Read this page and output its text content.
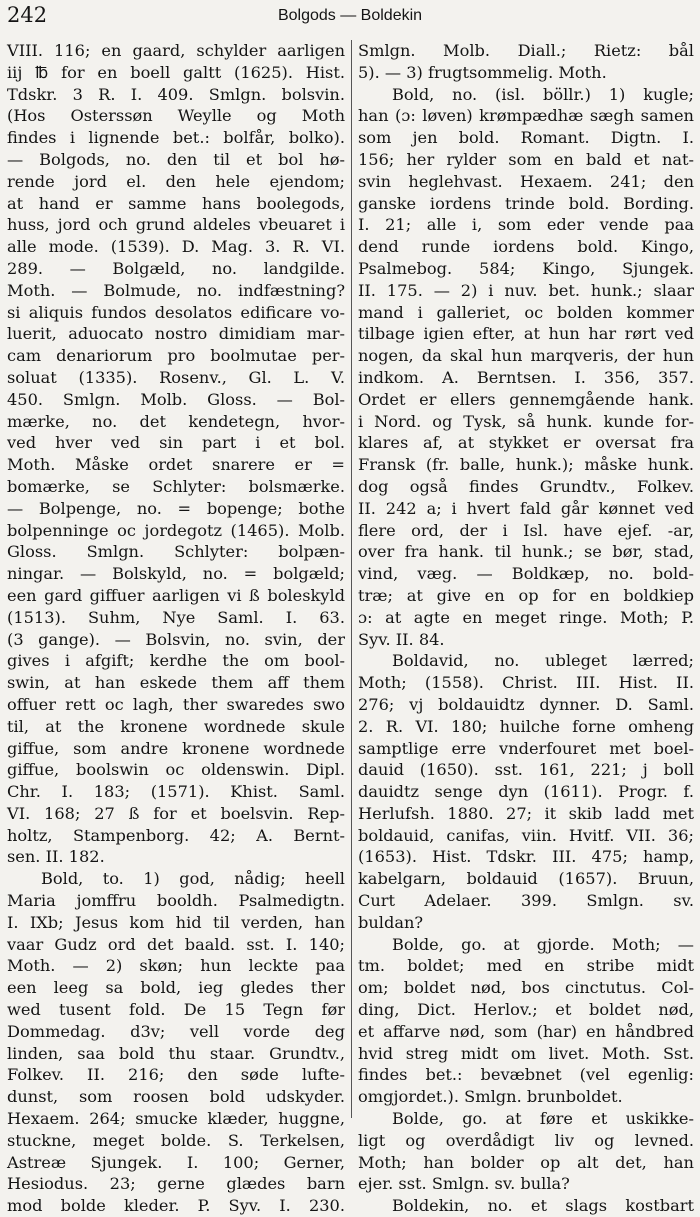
242	Bolgods — Boldekin
VIII. 116; en gaard, schylder aarligen
iij ℔ for en boell galtt (1625). Hist.
Tdskr. 3 R. I. 409. Smlgn. bolsvin.
(Hos Osterssøn Weylle og Moth
findes i lignende bet.: bolfår, bolko).
— Bolgods, no. den til et bol hø-
rende jord el. den hele ejendom;
at hand er samme hans boolegods,
huss, jord och grund aldeles vbeuaret i
alle mode. (1539). D. Mag. 3. R. VI.
289. — Bolgæld, no. landgilde.
Moth. — Bolmude, no. indfæstning?
si aliquis fundos desolatos edificare vo-
luerit, aduocato nostro dimidiam mar-
cam denariorum pro boolmutae per-
soluat (1335). Rosenv., Gl. L. V.
450. Smlgn. Molb. Gloss. — Bol-
mærke, no. det kendetegn, hvor-
ved hver ved sin part i et bol.
Moth. Måske ordet snarere er =
bomærke, se Schlyter: bolsmærke.
— Bolpenge, no. = bopenge; bothe
bolpenninge oc jordegotz (1465). Molb.
Gloss. Smlgn. Schlyter: bolpæn-
ningar. — Bolskyld, no. = bolgæld;
een gard giffuer aarligen vi ß boleskyld
(1513). Suhm, Nye Saml. I. 63.
(3 gange). — Bolsvin, no. svin, der
gives i afgift; kerdhe the om bool-
swin, at han eskede them aff them
offuer rett oc lagh, ther swaredes swo
til, at the kronene wordnede skule
giffue, som andre kronene wordnede
giffue, boolswin oc oldenswin. Dipl.
Chr. I. 183; (1571). Khist. Saml.
VI. 168; 27 ß for et boelsvin. Rep-
holtz, Stampenborg. 42; A. Bernt-
sen. II. 182.
Bold, to. 1) god, nådig; heell
Maria jomffru booldh. Psalmedigtn.
I. IXb; Jesus kom hid til verden, han
vaar Gudz ord det baald. sst. I. 140;
Moth. — 2) skøn; hun leckte paa
een leeg sa bold, ieg gledes ther
wed tusent fold. De 15 Tegn før
Dommedag. d3v; vell vorde deg
linden, saa bold thu staar. Grundtv.,
Folkev. II. 216; den søde lufte-
dunst, som roosen bold udskyder.
Hexaem. 264; smucke klæder, huggne,
stuckne, meget bolde. S. Terkelsen,
Astreæ Sjungek. I. 100; Gerner,
Hesiodus. 23; gerne glædes barn
mod bolde kleder. P. Syv. I. 230.
Smlgn. Molb. Diall.; Rietz: bål
5). — 3) frugtsommelig. Moth.
Bold, no. (isl. böllr.) 1) kugle;
han (ɔ: løven) krømpædhæ sægh samen
som jen bold. Romant. Digtn. I.
156; her rylder som en bald et nat-
svin heglehvast. Hexaem. 241; den
ganske iordens trinde bold. Bording.
I. 21; alle i, som eder vende paa
dend runde iordens bold. Kingo,
Psalmebog. 584; Kingo, Sjungek.
II. 175. — 2) i nuv. bet. hunk.; slaar
mand i galleriet, oc bolden kommer
tilbage igien efter, at hun har rørt ved
nogen, da skal hun marqveris, der hun
indkom. A. Berntsen. I. 356, 357.
Ordet er ellers gennemgående hank.
i Nord. og Tysk, så hunk. kunde for-
klares af, at stykket er oversat fra
Fransk (fr. balle, hunk.); måske hunk.
dog også findes Grundtv., Folkev.
II. 242 a; i hvert fald går kønnet ved
flere ord, der i Isl. have ejef. -ar,
over fra hank. til hunk.; se bør, stad,
vind, væg. — Boldkæp, no. bold-
træ; at give en op for en boldkiep
ɔ: at agte en meget ringe. Moth; P.
Syv. II. 84.
Boldavid, no. ubleget lærred;
Moth; (1558). Christ. III. Hist. II.
276; vj boldauidtz dynner. D. Saml.
2. R. VI. 180; huilche forne omheng
samptlige erre vnderfouret met boel-
dauid (1650). sst. 161, 221; j boll
dauidtz senge dyn (1611). Progr. f.
Herlufsh. 1880. 27; it skib ladd met
boldauid, canifas, viin. Hvitf. VII. 36;
(1653). Hist. Tdskr. III. 475; hamp,
kabelgarn, boldauid (1657). Bruun,
Curt Adelaer. 399. Smlgn. sv.
buldan?
Bolde, go. at gjorde. Moth; —
tm. boldet; med en stribe midt
om; boldet nød, bos cinctutus. Col-
ding, Dict. Herlov.; et boldet nød,
et affarve nød, som (har) en håndbred
hvid streg midt om livet. Moth. Sst.
findes bet.: bevæbnet (vel egenlig:
omgjordet.). Smlgn. brunboldet.
Bolde, go. at føre et uskikke-
ligt og overdådigt liv og levned.
Moth; han bolder op alt det, han
ejer. sst. Smlgn. sv. bulla?
Boldekin, no. et slags kostbart
